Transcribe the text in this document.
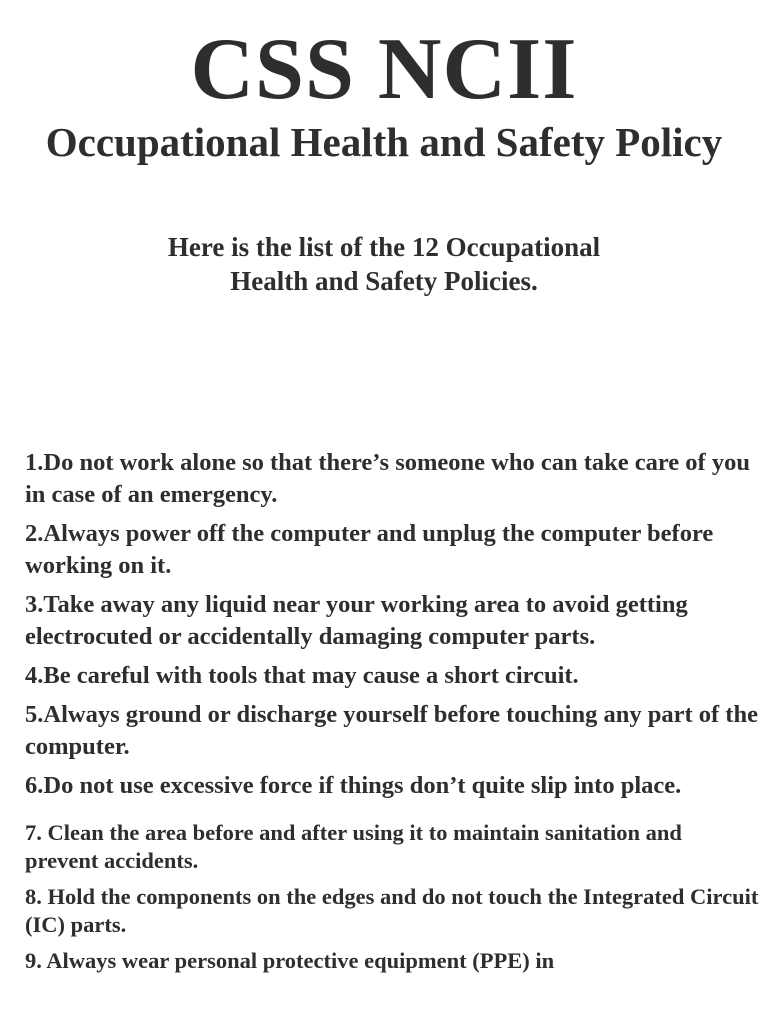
CSS NCII
Occupational Health and Safety Policy
Here is the list of the 12 Occupational
Health and Safety Policies.
1.Do not work alone so that there’s someone who can take care of you in case of an emergency.
2.Always power off the computer and unplug the computer before working on it.
3.Take away any liquid near your working area to avoid getting electrocuted or accidentally damaging computer parts.
4.Be careful with tools that may cause a short circuit.
5.Always ground or discharge yourself before touching any part of the computer.
6.Do not use excessive force if things don’t quite slip into place.
7. Clean the area before and after using it to maintain sanitation and prevent accidents.
8. Hold the components on the edges and do not touch the Integrated Circuit (IC) parts.
9. Always wear personal protective equipment (PPE) in
